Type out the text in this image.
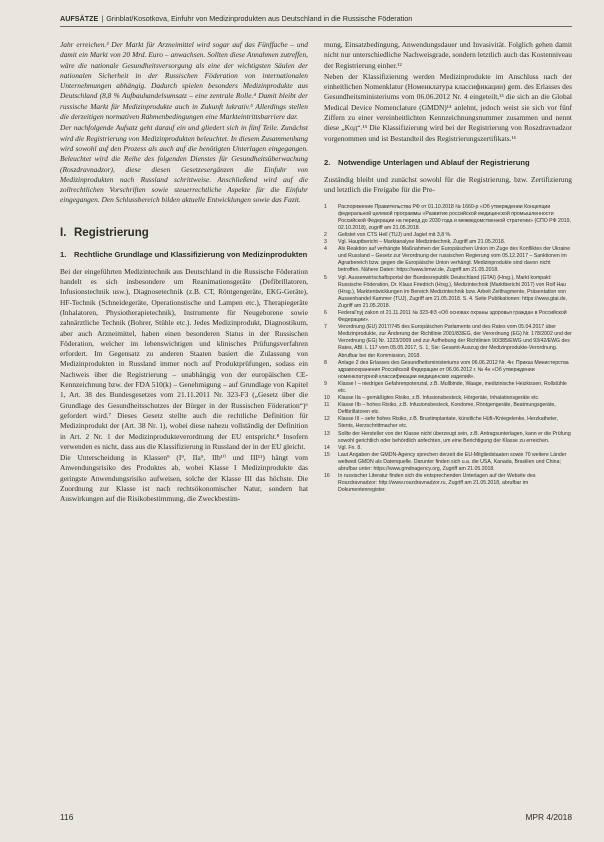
AUFSÄTZE | Grinblat/Kosotkova, Einfuhr von Medizinprodukten aus Deutschland in die Russische Föderation

Jahr erreichen.³ Der Markt für Arzneimittel wird sogar auf das Fünffache – und damit ein Markt von 20 Mrd. Euro – anwachsen. Sollten diese Annahmen zutreffen, wäre die nationale Gesundheitsversorgung als eine der wichtigsten Säulen der nationalen Sicherheit in der Russischen Föderation von internationalen Unternehmungen abhängig. Dadurch spielen besonders Medizinprodukte aus Deutschland (8,8 % Aufbauhandelsumsatz – eine zentrale Rolle.⁴ Damit bleibt der russische Markt für Medizinprodukte auch in Zukunft lukrativ.⁵ Allerdings stellen die derzeitigen normativen Rahmenbedingungen eine Markteintrittsbarriere dar.

Der nachfolgende Aufsatz geht darauf ein und gliedert sich in fünf Teile. Zunächst wird die Registrierung von Medizinprodukten beleuchtet. In diesem Zusammenhang wird sowohl auf den Prozess als auch auf die benötigten Unterlagen eingegangen. Beleuchtet wird die Reihe des folgenden Dienstes für Gesundheitsüberwachung (Roszdravnadzor), diese diesen Gesetzesergänzen die Einfuhr von Medizinprodukten nach Russland schrittweise. Anschließend wird auf die zollrechtlichen Vorschriften sowie steuerrechtliche Aspekte für die Einfuhr eingegangen. Den Schlussbereich bilden aktuelle Entwicklungen sowie das Fazit.

I. Registrierung
1.	Rechtliche Grundlage und Klassifizierung von Medizinprodukten

Bei der eingeführten Medizintechnik aus Deutschland in die Russische Föderation handelt es sich insbesondere um Reanimationsgeräte (Defibrillatoren, Infusionstechnik usw.), Diagnosetechnik (z.B. CT, Röntgengeräte, EKG-Geräte), HF-Technik (Schneidegeräte, Operationstische und Lampen etc.), Therapiegeräte (Inhalatoren, Physiotherapietechnik), Instrumente für Neugeborene sowie zahnärztliche Technik (Bohrer, Stühle etc.). Jedes Medizinprodukt, Diagnostikum, aber auch Arzneimittel, haben einen besonderen Status in der Russischen Föderation, welcher im lebenswichtigen und klinisches Prüfungsverfahren erfordert. Im Gegensatz zu anderen Staaten basiert die Zulassung von Medizinprodukten in Russland immer noch auf Produktprüfungen, sodass ein Nachweis über die Registrierung – unabhängig von der europäischen CE-Kennzeichnung bzw. der FDA 510(k) – Genehmigung – auf Grundlage von Kapitel 1, Art. 38 des Bundesgesetzes vom 21.11.2011 Nr. 323-FЗ („Gesetz über die Grundlage des Gesundheitsschutzes der Bürger in der Russischen Föderation“)⁶ gefordert wird.⁷ Dieses Gesetz stellte auch die rechtliche Definition für Medizinprodukt der (Art. 38 Nr. 1), wobei diese nahezu vollständig der Definition in Art. 2 Nr. 1 der Medizinprodukteverordnung der EU entspricht.⁸ Insofern verwenden es nicht, dass aus die Klassifizierung in Russland der in der EU gleicht.

Die Unterscheidung in Klassen⁹ (I⁹, IIa⁹, IIb¹⁰ und III¹¹) hängt vom Anwendungsrisiko des Produktes ab, wobei Klasse I Medizinprodukte das geringste Anwendungsrisiko aufweisen, solche der Klasse III das höchste. Die Zuordnung zur Klasse ist nach rechtsökonomischer Natur, sondern hat Auswirkungen auf die Risikobestimmung, die Zweckbestim-

mung, Einsatzbedingung, Anwendungsdauer und Invasivität. Folglich gehen damit nicht nur unterschiedliche Nachweisgrade, sondern letztlich auch das Kostenniveau der Registrierung einher.¹²

Neben der Klassifizierung werden Medizinprodukte im Anschluss nach der einheitlichen Nomenklatur (Номенклатура классификации) gem. des Erlasses des Gesundheitsministeriums vom 06.06.2012 Nr. 4 eingeteilt,¹³ die sich an die Global Medical Device Nomenclature (GMDN)¹⁴ anlehnt, jedoch weist sie sich vor fünf Ziffern zu einer vereinheitlichten Kennzeichnungsnummer zusammen und nennt diese „Kод“.¹⁵ Die Klassifizierung wird bei der Registrierung von Roszdravnadzor vorgenommen und ist Bestandteil des Registrierungszertifikats.¹⁶

2.	Notwendige Unterlagen und Ablauf der Registrierung

Zuständig bleibt und zunächst sowohl für die Registrierung, bzw. Zertifizierung und letztlich die Freigabe für die Pre-

1	Распоряжение Правительства РФ от 01.10.2018 № 1660-р «Об утверждении Концепции федеральной целевой программы «Развитие российской медицинской промышленности Российской Федерации на период до 2030 года и межведомственной стратегии» (СПО РФ 2019, 02.10.2018), zugriff am 21.05.2018.
2	Gelistet von CTS Hell (TUJ) und Jagiel mit 3,8 %.
3	Vgl. Hauptbericht – Marktanalyse Medizintechnik, Zugriff am 21.05.2018.
4	Als Reaktion auf verhängte Maßnahmen der Europäischen Union im Zuge des Konfliktes der Ukraine und Russland – Gesetz zur Verordnung der russischen Regierung vom 05.12.2017 – Sanktionen im Agrarbereich bzw. gegen die Europäische Union verhängt. Medizinprodukte sind davon nicht betroffen. Nähere Daten: https://www.bmwi.de, Zugriff am 21.05.2018.
5	Vgl. Aussenwirtschaftsportal der Bundesrepublik Deutschland (GTAI) (Hrsg.), Markt kompakt: Russische Föderation, Dr. Klaus Friedrich (Hrsg.), Medizintechnik (Marktbericht 2017) von Rolf Hau (Hrsg.), Marktentwicklungen im Bereich Medizintechnik bzw. Arbeit Zeitfragmente, Präsentation von Aussenhandel Kammer (TUJ), Zugriff am 21.05.2018. S. 4. Seite Publikationen: https://www.gtai.de, Zugriff am 21.05.2018.
6	Federal'nyj zakon ot 21.11.2011 № 323-ФЗ «Об основах охраны здоровья граждан в Российской Федерации».
7	Verordnung (EU) 2017/745 des Europäischen Parlaments und des Rates vom 05.04.2017 über Medizinprodukte, zur Änderung der Richtlinie 2001/83/EG, der Verordnung (EG) Nr. 178/2002 und der Verordnung (EG) Nr. 1223/2009 und zur Aufhebung der Richtlinien 90/385/EWG und 93/42/EWG des Rates, ABl. L 117 vom 05.05.2017, S. 1, Sie: Gesamt-Auszug der Medizinprodukte-Verordnung. Abrufbar bei der Kommission, 2018.
8	Anlage 2 des Erlasses des Gesundheitsministeriums vom 06.06.2012 Nr. 4н: Приказ Министерства здравоохранения Российской Федерации от 06.06.2012 г. № 4н «Об утверждении номенклатурной классификации медицинских изделий».
9	Klasse I – niedriges Gefahrenpotenzial, z.B. Mullbinde, Waage, medizinische Heizkissen, Rollstühle etc.
10	Klasse IIa – gemäßigtes Risiko, z.B. Infusionsbesteck, Hörgeräte, Inhalationsgeräte etc.
11	Klasse IIb – hohes Risiko, z.B. Infusionsbesteck, Kondome, Röntgengeräte, Beatmungsgeräte, Defibrillatoren etc.
12	Klasse III – sehr hohes Risiko, z.B. Brustimplantate, künstliche Hüft-/Kniegelenke, Herzkatheter, Stents, Herzschrittmacher etc.
13	Sollte der Hersteller von der Klasse nicht überzeugt sein, z.B. Antragsunterlagen, kann er die Prüfung sowohl gerichtlich oder behördlich anfechten, um eine Berichtigung der Klasse zu erreichen.
14	Vgl. Fn. 8.
15	Laut Angaben der GMDN-Agency sprechen derzeit die EU-Mitgliedstaaten sowie 70 weitere Länder weltweit GMDN als Datenquelle. Darunter finden sich u.a. die USA, Kanada, Brasilien und China; abrufbar unter: https://www.gmdnagency.org, Zugriff am 21.05.2018.
16	In russischer Literatur finden sich die entsprechenden Unterlagen auf der Website des Roszdravnadzor: http://www.roszdravnadzor.ru, Zugriff am 21.05.2018, abrufbar im Dokumentenregister.
116	MPR 4/2018
